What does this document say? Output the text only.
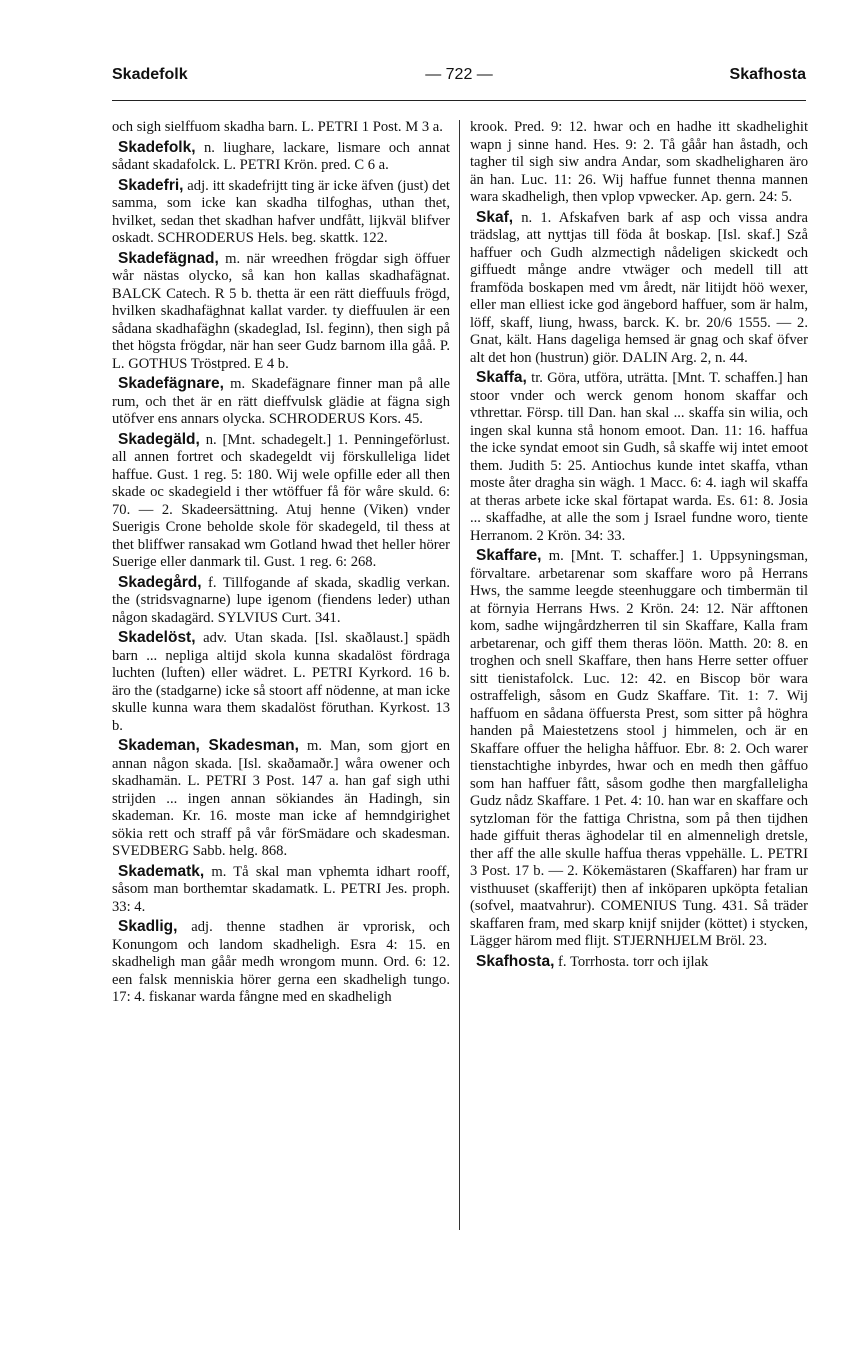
Skadefolk	— 722 —	Skafhosta

och sigh sielffuom skadha barn. L. PETRI 1 Post. M 3 a.

Skadefolk, n. liughare, lackare, lismare och annat sådant skadafolck. L. PETRI Krön. pred. C 6 a.

Skadefri, adj. itt skadefrijtt ting är icke äfven (just) det samma, som icke kan skadha tilfoghas, uthan thet, hvilket, sedan thet skadhan hafver undfått, lijkväl blifver oskadt. SCHRODERUS Hels. beg. skattk. 122.

Skadefägnad, m. när wreedhen frögdar sigh öffuer wår nästas olycko, så kan hon kallas skadhafägnat. BALCK Catech. R 5 b. thetta är een rätt dieffuuls frögd, hvilken skadhafäghnat kallat varder. ty dieffuulen är een sådana skadhafäghn (skadeglad, Isl. feginn), then sigh på thet högsta frögdar, när han seer Gudz barnom illa gåå. P. L. GOTHUS Tröstpred. E 4 b.

Skadefägnare, m. Skadefägnare finner man på alle rum, och thet är en rätt dieffvulsk glädie at fägna sigh utöfver ens annars olycka. SCHRODERUS Kors. 45.

Skadegäld, n. [Mnt. schadegelt.] 1. Penningeförlust. all annen fortret och skadegeldt vij förskulleliga lidet haffue. Gust. 1 reg. 5: 180. Wij wele opfille eder all then skade oc skadegield i ther wtöffuer få för wåre skuld. 6: 70. — 2. Skadeersättning. Atuj henne (Viken) vnder Suerigis Crone beholde skole för skadegeld, til thess at thet bliffwer ransakad wm Gotland hwad thet heller hörer Suerige eller danmark til. Gust. 1 reg. 6: 268.

Skadegård, f. Tillfogande af skada, skadlig verkan. the (stridsvagnarne) lupe igenom (fiendens leder) uthan någon skadagärd. SYLVIUS Curt. 341.

Skadelöst, adv. Utan skada. [Isl. skaðlaust.] spädh barn ... nepliga altijd skola kunna skadalöst fördraga luchten (luften) eller wädret. L. PETRI Kyrkord. 16 b. äro the (stadgarne) icke så stoort aff nödenne, at man icke skulle kunna wara them skadalöst föruthan. Kyrkost. 13 b.

Skademan, Skadesman, m. Man, som gjort en annan någon skada. [Isl. skaðamaðr.] wåra owener och skadhamän. L. PETRI 3 Post. 147 a. han gaf sigh uthi strijden ... ingen annan sökiandes än Hadingh, sin skademan. Kr. 16. moste man icke af hemndgirighet sökia rett och straff på vår förSmädare och skadesman. SVEDBERG Sabb. helg. 868.

Skadematk, m. Tå skal man vphemta idhart rooff, såsom man borthemtar skadamatk. L. PETRI Jes. proph. 33: 4.

Skadlig, adj. thenne stadhen är vprorisk, och Konungom och landom skadheligh. Esra 4: 15. en skadheligh man gåår medh wrongom munn. Ord. 6: 12. een falsk menniskia hörer gerna een skadheligh tungo. 17: 4. fiskanar warda fångne med en skadheligh

krook. Pred. 9: 12. hwar och en hadhe itt skadhelighit wapn j sinne hand. Hes. 9: 2. Tå gåår han åstadh, och tagher til sigh siw andra Andar, som skadheligharen äro än han. Luc. 11: 26. Wij haffue funnet thenna mannen wara skadheligh, then vplop vpwecker. Ap. gern. 24: 5.

Skaf, n. 1. Afskafven bark af asp och vissa andra trädslag, att nyttjas till föda åt boskap. [Isl. skaf.] Szå haffuer och Gudh alzmectigh nådeligen skickedt och giffuedt månge andre vtwäger och medell till att framföda boskapen med vm åredt, när litijdt höö wexer, eller man elliest icke god ängebord haffuer, som är halm, löff, skaff, liung, hwass, barck. K. br. 20/6 1555. — 2. Gnat, kält. Hans dageliga hemsed är gnag och skaf öfver alt det hon (hustrun) giör. DALIN Arg. 2, n. 44.

Skaffa, tr. Göra, utföra, uträtta. [Mnt. T. schaffen.] han stoor vnder och werck genom honom skaffar och vthrettar. Försp. till Dan. han skal ... skaffa sin wilia, och ingen skal kunna stå honom emoot. Dan. 11: 16. haffua the icke syndat emoot sin Gudh, så skaffe wij intet emoot them. Judith 5: 25. Antiochus kunde intet skaffa, vthan moste åter dragha sin wägh. 1 Macc. 6: 4. iagh wil skaffa at theras arbete icke skal förtapat warda. Es. 61: 8. Josia ... skaffadhe, at alle the som j Israel fundne woro, tiente Herranom. 2 Krön. 34: 33.

Skaffare, m. [Mnt. T. schaffer.] 1. Uppsyningsman, förvaltare. arbetarenar som skaffare woro på Herrans Hws, the samme leegde steenhuggare och timbermän til at förnyia Herrans Hws. 2 Krön. 24: 12. När afftonen kom, sadhe wijngårdzherren til sin Skaffare, Kalla fram arbetarenar, och giff them theras löön. Matth. 20: 8. en troghen och snell Skaffare, then hans Herre setter offuer sitt tienistafolck. Luc. 12: 42. en Biscop bör wara ostraffeligh, såsom en Gudz Skaffare. Tit. 1: 7. Wij haffuom en sådana öffuersta Prest, som sitter på höghra handen på Maiestetzens stool j himmelen, och är en Skaffare offuer the heligha håffuor. Ebr. 8: 2. Och warer tienstachtighe inbyrdes, hwar och en medh then gåffuo som han haffuer fått, såsom godhe then margfalleligha Gudz nådz Skaffare. 1 Pet. 4: 10. han war en skaffare och sytzloman för the fattiga Christna, som på then tijdhen hade giffuit theras äghodelar til en almenneligh dretsle, ther aff the alle skulle haffua theras vppehälle. L. PETRI 3 Post. 17 b. — 2. Kökemästaren (Skaffaren) har fram ur visthuuset (skafferijt) then af inköparen upköpta fetalian (sofvel, maatvahrur). COMENIUS Tung. 431. Så träder skaffaren fram, med skarp knijf snijder (köttet) i stycken, Lägger härom med flijt. STJERNHJELM Bröl. 23.

Skafhosta, f. Torrhosta. torr och ijlak
